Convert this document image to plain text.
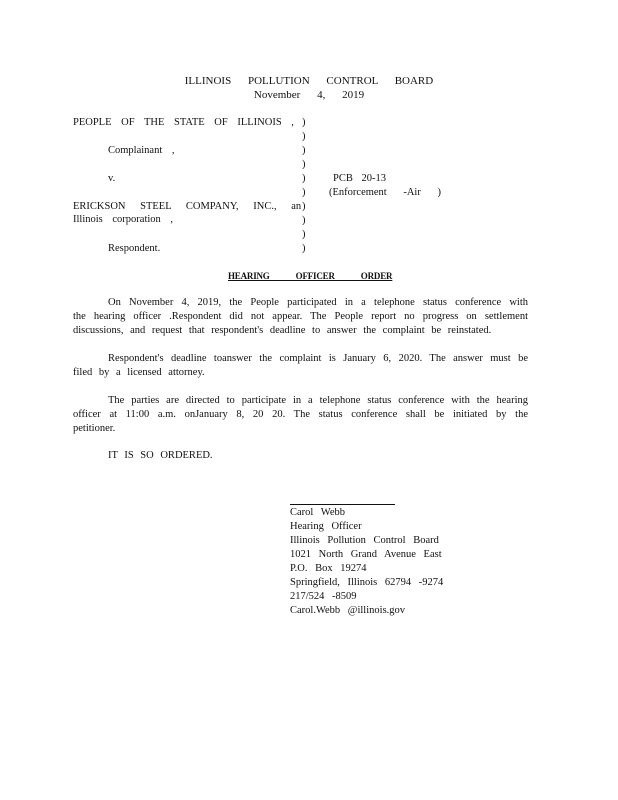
ILLINOIS POLLUTION CONTROL BOARD
November 4, 2019
PEOPLE OF THE STATE OF ILLINOIS ,
Complainant ,
v.
ERICKSON STEEL COMPANY, INC., an
Illinois corporation ,
Respondent.
)
)
)
)
)
)
)
)
)
)
PCB 20-13
(Enforcement -Air )
HEARING OFFICER ORDER
On November 4, 2019, the People participated in a telephone status conference with the hearing officer .Respondent did not appear. The People report no progress on settlement discussions, and request that respondent's deadline to answer the complaint be reinstated.
Respondent's deadline toanswer the complaint is January 6, 2020. The answer must be filed by a licensed attorney.
The parties are directed to participate in a telephone status conference with the hearing officer at 11:00 a.m. onJanuary 8, 20 20. The status conference shall be initiated by the petitioner.
IT IS SO ORDERED.
Carol Webb
Hearing Officer
Illinois Pollution Control Board
1021 North Grand Avenue East
P.O. Box 19274
Springfield, Illinois 62794 -9274
217/524 -8509
Carol.Webb @illinois.gov
